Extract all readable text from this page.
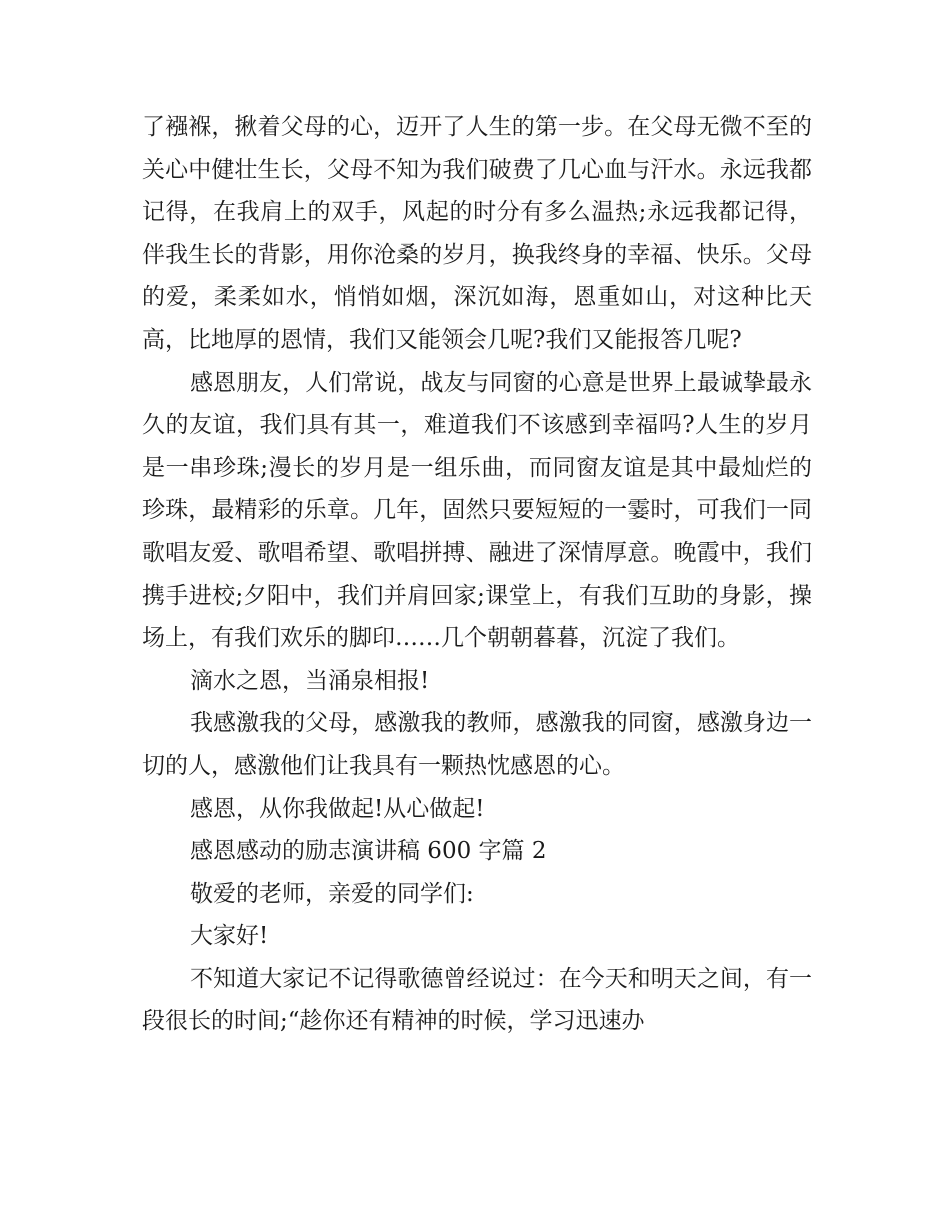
了襁褓，揪着父母的心，迈开了人生的第一步。在父母无微不至的关心中健壮生长，父母不知为我们破费了几心血与汗水。永远我都记得，在我肩上的双手，风起的时分有多么温热;永远我都记得，伴我生长的背影，用你沧桑的岁月，换我终身的幸福、快乐。父母的爱，柔柔如水，悄悄如烟，深沉如海，恩重如山，对这种比天高，比地厚的恩情，我们又能领会几呢?我们又能报答几呢?

感恩朋友，人们常说，战友与同窗的心意是世界上最诚挚最永久的友谊，我们具有其一，难道我们不该感到幸福吗?人生的岁月是一串珍珠;漫长的岁月是一组乐曲，而同窗友谊是其中最灿烂的珍珠，最精彩的乐章。几年，固然只要短短的一霎时，可我们一同歌唱友爱、歌唱希望、歌唱拼搏、融进了深情厚意。晚霞中，我们携手进校;夕阳中，我们并肩回家;课堂上，有我们互助的身影，操场上，有我们欢乐的脚印……几个朝朝暮暮，沉淀了我们。

滴水之恩，当涌泉相报!

我感激我的父母，感激我的教师，感激我的同窗，感激身边一切的人，感激他们让我具有一颗热忱感恩的心。

感恩，从你我做起!从心做起!

感恩感动的励志演讲稿 600 字篇 2

敬爱的老师，亲爱的同学们:

大家好!

不知道大家记不记得歌德曾经说过：在今天和明天之间，有一段很长的时间;“趁你还有精神的时候，学习迅速办
